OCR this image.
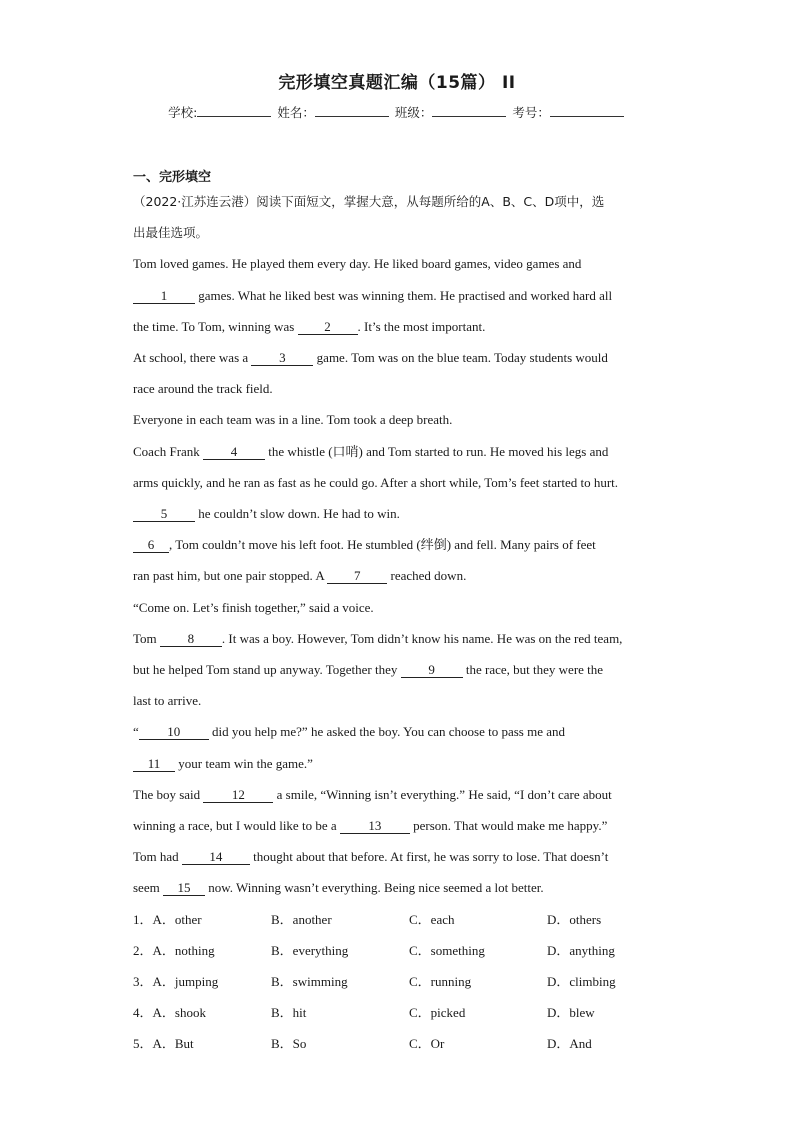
完形填空真题汇编（15篇） II
学校:	姓名：	班级：	考号：
一、完形填空
（2022·江苏连云港）阅读下面短文，掌握大意，从每题所给的A、B、C、D项中，选
出最佳选项。
Tom loved games. He played them every day. He liked board games, video games and
1 games. What he liked best was winning them. He practised and worked hard all
the time. To Tom, winning was 2 . It’s the most important.
At school, there was a 3 game. Tom was on the blue team. Today students would
race around the track field.
Everyone in each team was in a line. Tom took a deep breath.
Coach Frank 4 the whistle (口哨) and Tom started to run. He moved his legs and
arms quickly, and he ran as fast as he could go. After a short while, Tom’s feet started to hurt.
5 he couldn’t slow down. He had to win.
6 , Tom couldn’t move his left foot. He stumbled (绊倒) and fell. Many pairs of feet
ran past him, but one pair stopped. A 7 reached down.
“Come on. Let’s finish together,” said a voice.
Tom 8 . It was a boy. However, Tom didn’t know his name. He was on the red team,
but he helped Tom stand up anyway. Together they 9 the race, but they were the
last to arrive.
“ 10 did you help me?” he asked the boy. You can choose to pass me and
11 your team win the game.”
The boy said 12 a smile, “Winning isn’t everything.” He said, “I don’t care about
winning a race, but I would like to be a 13 person. That would make me happy.”
Tom had 14 thought about that before. At first, he was sorry to lose. That doesn’t
seem 15 now. Winning wasn’t everything. Being nice seemed a lot better.
1．A．other	B．another	C．each	D．others
2．A．nothing	B．everything	C．something	D．anything
3．A．jumping	B．swimming	C．running	D．climbing
4．A．shook	B．hit	C．picked	D．blew
5．A．But	B．So	C．Or	D．And
